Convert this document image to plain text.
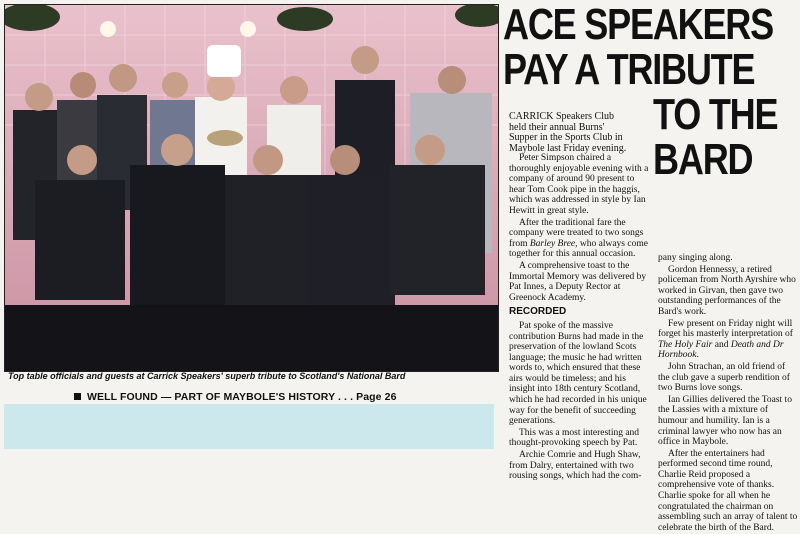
Top table officials and guests at Carrick Speakers' superb tribute to Scotland's National Bard
WELL FOUND — PART OF MAYBOLE'S HISTORY . . . Page 26
ACE SPEAKERS
PAY A TRIBUTE
TO THE
BARD

CARRICK Speakers Club held their annual Burns' Supper in the Sports Club in Maybole last Friday evening.

Peter Simpson chaired a thoroughly enjoyable evening with a company of around 90 present to hear Tom Cook pipe in the haggis, which was addressed in style by Ian Hewitt in great style.

After the traditional fare the company were treated to two songs from Barley Bree, who always come together for this annual occasion.

A comprehensive toast to the Immortal Memory was delivered by Pat Innes, a Deputy Rector at Greenock Academy.

RECORDED

Pat spoke of the massive contribution Burns had made in the preservation of the lowland Scots language; the music he had written words to, which ensured that these airs would be timeless; and his insight into 18th century Scotland, which he had recorded in his unique way for the benefit of succeeding generations.

This was a most interesting and thought-provoking speech by Pat.

Archie Comrie and Hugh Shaw, from Dalry, entertained with two rousing songs, which had the com-

pany singing along.

Gordon Hennessy, a retired policeman from North Ayrshire who worked in Girvan, then gave two outstanding performances of the Bard's work.

Few present on Friday night will forget his masterly interpretation of The Holy Fair and Death and Dr Hornbook.

John Strachan, an old friend of the club gave a superb rendition of two Burns love songs.

Ian Gillies delivered the Toast to the Lassies with a mixture of humour and humility. Ian is a criminal lawyer who now has an office in Maybole.

After the entertainers had performed second time round, Charlie Reid proposed a comprehensive vote of thanks. Charlie spoke for all when he congratulated the chairman on assembling such an array of talent to celebrate the birth of the Bard.
